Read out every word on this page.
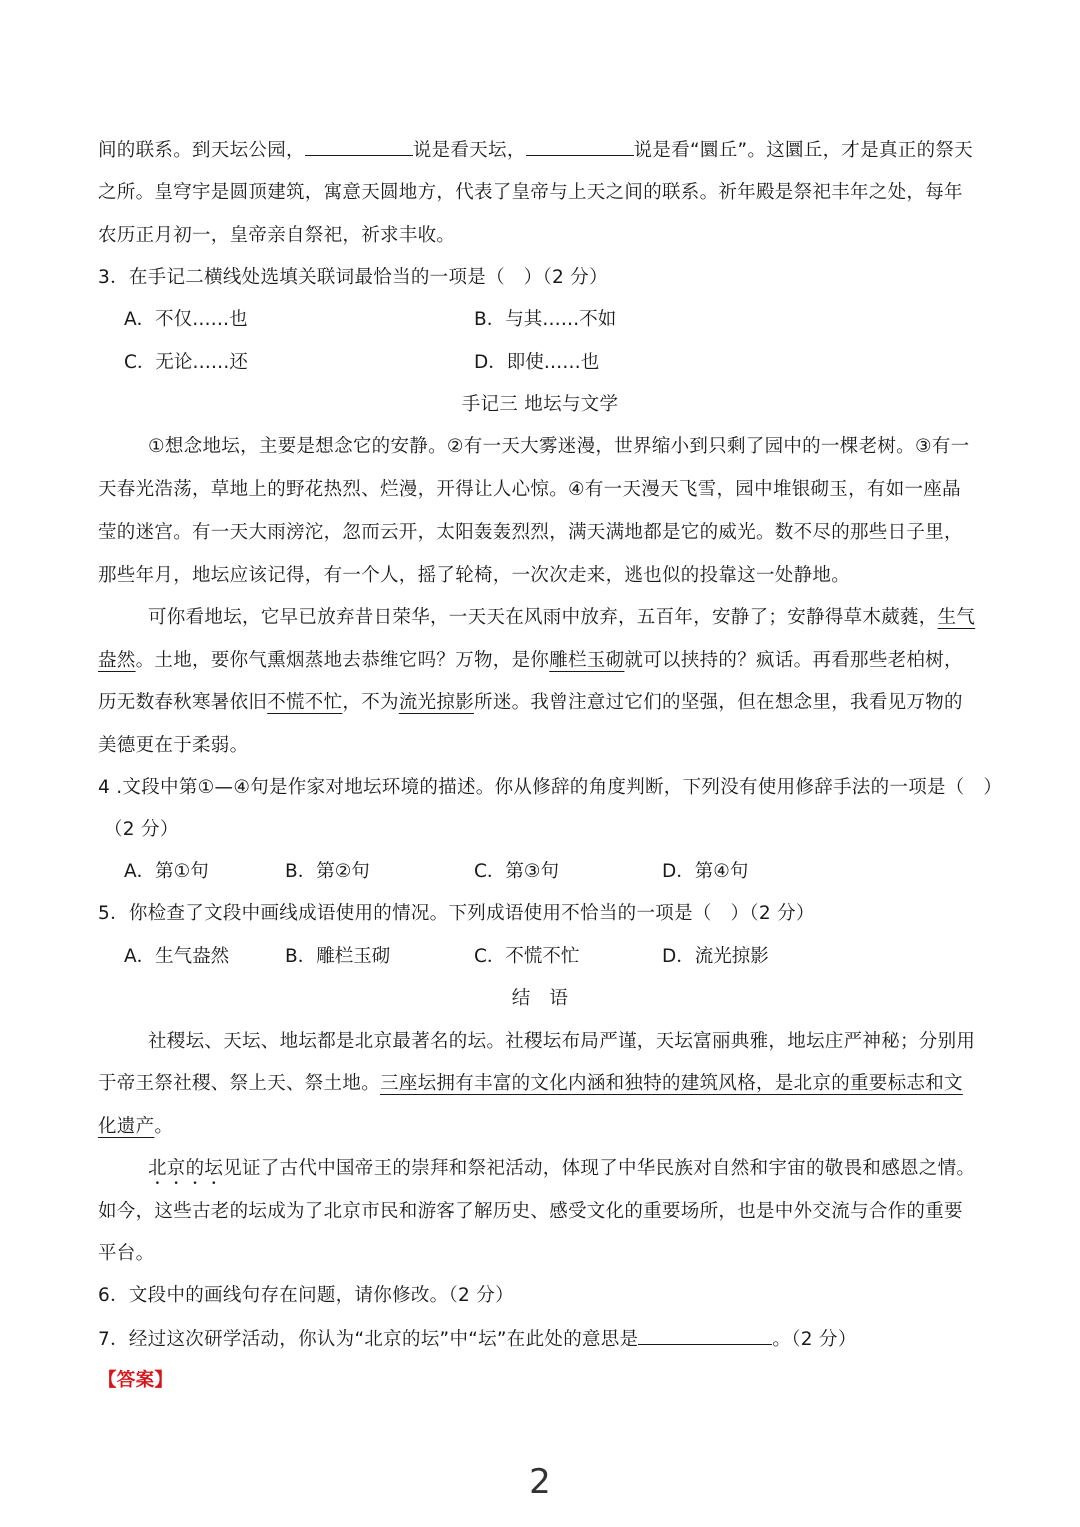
间的联系。到天坛公园，	说是看天坛，	说是看“圜丘”。这圜丘，才是真正的祭天
之所。皇穹宇是圆顶建筑，寓意天圆地方，代表了皇帝与上天之间的联系。祈年殿是祭祀丰年之处，每年
农历正月初一，皇帝亲自祭祀，祈求丰收。
3．在手记二横线处选填关联词最恰当的一项是（　）（2 分）
A．不仅……也	B．与其……不如
C．无论……还	D．即使……也
手记三 地坛与文学
①想念地坛，主要是想念它的安静。②有一天大雾迷漫，世界缩小到只剩了园中的一棵老树。③有一
天春光浩荡，草地上的野花热烈、烂漫，开得让人心惊。④有一天漫天飞雪，园中堆银砌玉，有如一座晶
莹的迷宫。有一天大雨滂沱，忽而云开，太阳轰轰烈烈，满天满地都是它的威光。数不尽的那些日子里，
那些年月，地坛应该记得，有一个人，摇了轮椅，一次次走来，逃也似的投靠这一处静地。
可你看地坛，它早已放弃昔日荣华，一天天在风雨中放弃，五百年，安静了；安静得草木葳蕤，生气
盎然。土地，要你气熏烟蒸地去恭维它吗？万物，是你雕栏玉砌就可以挟持的？疯话。再看那些老柏树，
历无数春秋寒暑依旧不慌不忙，不为流光掠影所迷。我曾注意过它们的坚强，但在想念里，我看见万物的
美德更在于柔弱。
4 .文段中第①—④句是作家对地坛环境的描述。你从修辞的角度判断，下列没有使用修辞手法的一项是（　）
（2 分）
A．第①句	B．第②句	C．第③句	D．第④句
5．你检查了文段中画线成语使用的情况。下列成语使用不恰当的一项是（　）（2 分）
A．生气盎然	B．雕栏玉砌	C．不慌不忙	D．流光掠影
结　语
社稷坛、天坛、地坛都是北京最著名的坛。社稷坛布局严谨，天坛富丽典雅，地坛庄严神秘；分别用
于帝王祭社稷、祭上天、祭土地。三座坛拥有丰富的文化内涵和独特的建筑风格，是北京的重要标志和文
化遗产。
北京的坛见证了古代中国帝王的崇拜和祭祀活动，体现了中华民族对自然和宇宙的敬畏和感恩之情。
如今，这些古老的坛成为了北京市民和游客了解历史、感受文化的重要场所，也是中外交流与合作的重要
平台。
6．文段中的画线句存在问题，请你修改。（2 分）
7．经过这次研学活动，你认为“北京的坛”中“坛”在此处的意思是	。（2 分）
【答案】
2
